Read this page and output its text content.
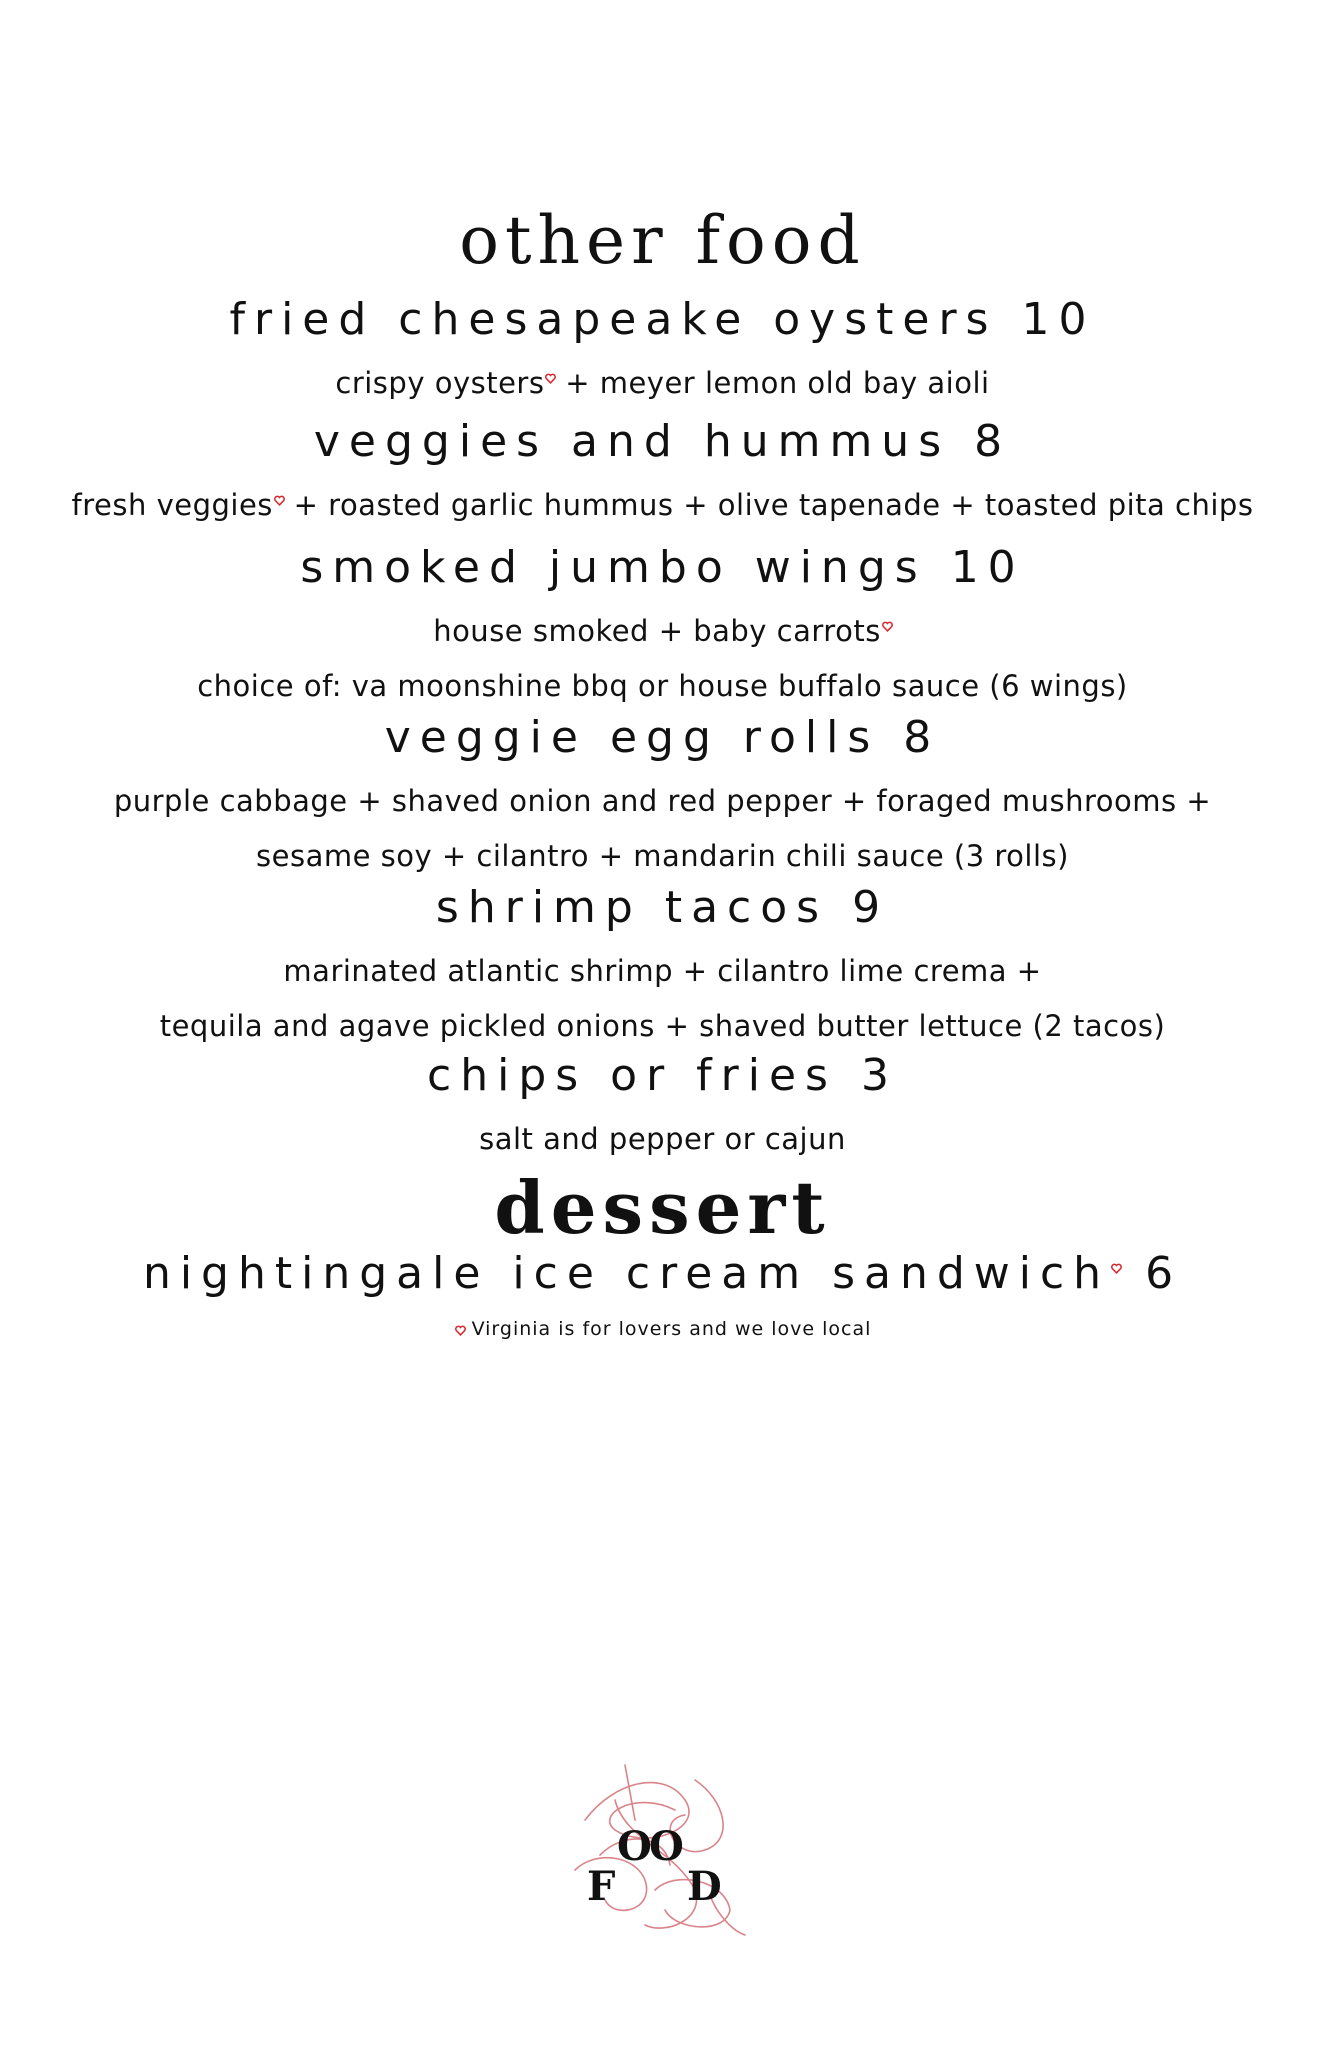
other food
fried chesapeake oysters 10
crispy oysters + meyer lemon old bay aioli
veggies and hummus 8
fresh veggies + roasted garlic hummus + olive tapenade + toasted pita chips
smoked jumbo wings 10
house smoked + baby carrots
choice of: va moonshine bbq or house buffalo sauce (6 wings)
veggie egg rolls 8
purple cabbage + shaved onion and red pepper + foraged mushrooms +
sesame soy + cilantro + mandarin chili sauce (3 rolls)
shrimp tacos 9
marinated atlantic shrimp + cilantro lime crema +
tequila and agave pickled onions + shaved butter lettuce (2 tacos)
chips or fries 3
salt and pepper or cajun
dessert
nightingale ice cream sandwich 6
Virginia is for lovers and we love local
F
O
O
D
